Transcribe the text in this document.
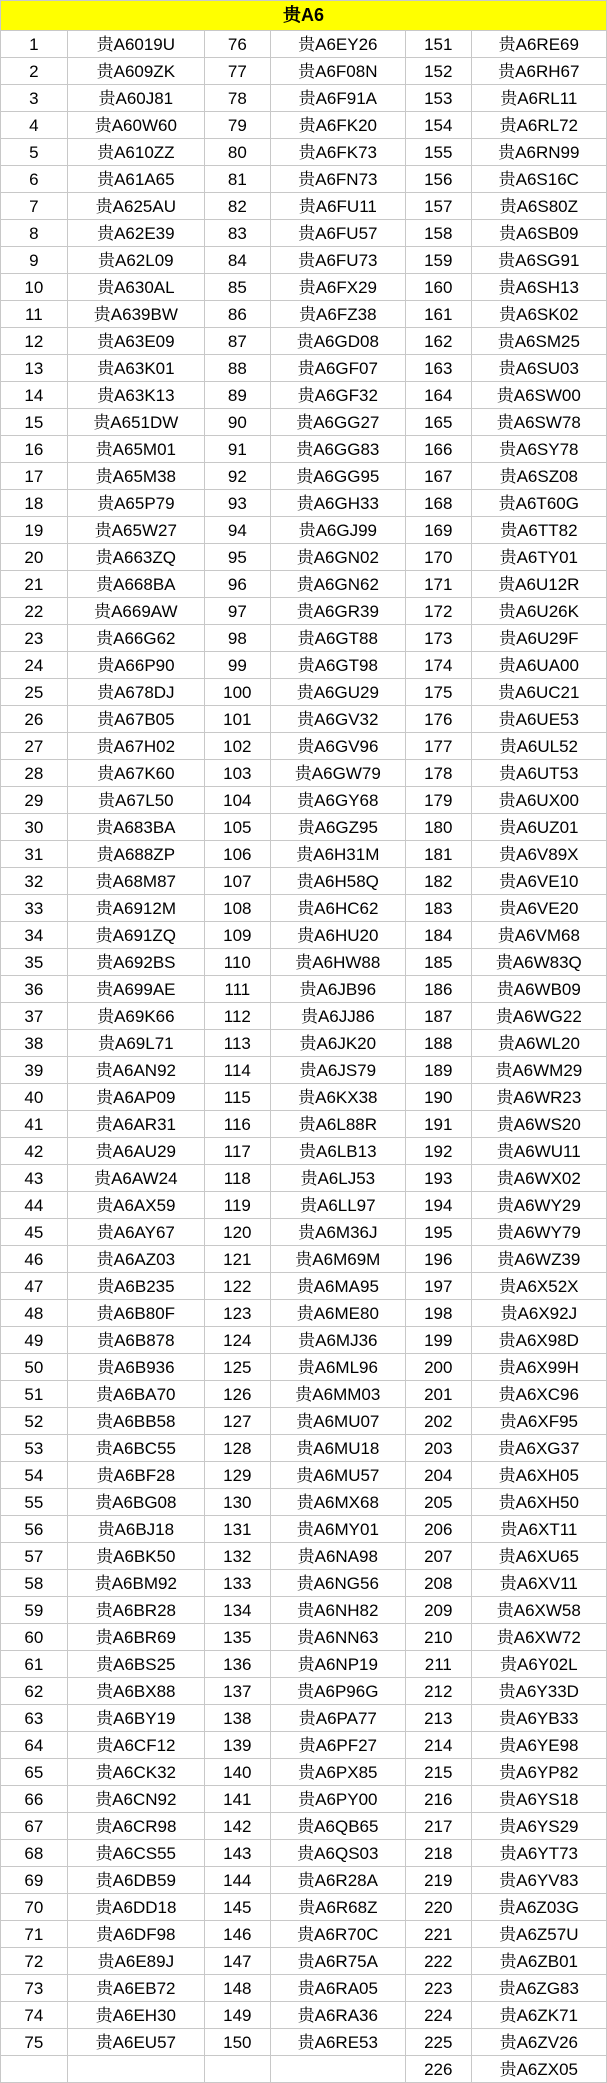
贵A6					
1	贵A6019U	76	贵A6EY26	151	贵A6RE69
2	贵A609ZK	77	贵A6F08N	152	贵A6RH67
3	贵A60J81	78	贵A6F91A	153	贵A6RL11
4	贵A60W60	79	贵A6FK20	154	贵A6RL72
5	贵A610ZZ	80	贵A6FK73	155	贵A6RN99
6	贵A61A65	81	贵A6FN73	156	贵A6S16C
7	贵A625AU	82	贵A6FU11	157	贵A6S80Z
8	贵A62E39	83	贵A6FU57	158	贵A6SB09
9	贵A62L09	84	贵A6FU73	159	贵A6SG91
10	贵A630AL	85	贵A6FX29	160	贵A6SH13
11	贵A639BW	86	贵A6FZ38	161	贵A6SK02
12	贵A63E09	87	贵A6GD08	162	贵A6SM25
13	贵A63K01	88	贵A6GF07	163	贵A6SU03
14	贵A63K13	89	贵A6GF32	164	贵A6SW00
15	贵A651DW	90	贵A6GG27	165	贵A6SW78
16	贵A65M01	91	贵A6GG83	166	贵A6SY78
17	贵A65M38	92	贵A6GG95	167	贵A6SZ08
18	贵A65P79	93	贵A6GH33	168	贵A6T60G
19	贵A65W27	94	贵A6GJ99	169	贵A6TT82
20	贵A663ZQ	95	贵A6GN02	170	贵A6TY01
21	贵A668BA	96	贵A6GN62	171	贵A6U12R
22	贵A669AW	97	贵A6GR39	172	贵A6U26K
23	贵A66G62	98	贵A6GT88	173	贵A6U29F
24	贵A66P90	99	贵A6GT98	174	贵A6UA00
25	贵A678DJ	100	贵A6GU29	175	贵A6UC21
26	贵A67B05	101	贵A6GV32	176	贵A6UE53
27	贵A67H02	102	贵A6GV96	177	贵A6UL52
28	贵A67K60	103	贵A6GW79	178	贵A6UT53
29	贵A67L50	104	贵A6GY68	179	贵A6UX00
30	贵A683BA	105	贵A6GZ95	180	贵A6UZ01
31	贵A688ZP	106	贵A6H31M	181	贵A6V89X
32	贵A68M87	107	贵A6H58Q	182	贵A6VE10
33	贵A6912M	108	贵A6HC62	183	贵A6VE20
34	贵A691ZQ	109	贵A6HU20	184	贵A6VM68
35	贵A692BS	110	贵A6HW88	185	贵A6W83Q
36	贵A699AE	111	贵A6JB96	186	贵A6WB09
37	贵A69K66	112	贵A6JJ86	187	贵A6WG22
38	贵A69L71	113	贵A6JK20	188	贵A6WL20
39	贵A6AN92	114	贵A6JS79	189	贵A6WM29
40	贵A6AP09	115	贵A6KX38	190	贵A6WR23
41	贵A6AR31	116	贵A6L88R	191	贵A6WS20
42	贵A6AU29	117	贵A6LB13	192	贵A6WU11
43	贵A6AW24	118	贵A6LJ53	193	贵A6WX02
44	贵A6AX59	119	贵A6LL97	194	贵A6WY29
45	贵A6AY67	120	贵A6M36J	195	贵A6WY79
46	贵A6AZ03	121	贵A6M69M	196	贵A6WZ39
47	贵A6B235	122	贵A6MA95	197	贵A6X52X
48	贵A6B80F	123	贵A6ME80	198	贵A6X92J
49	贵A6B878	124	贵A6MJ36	199	贵A6X98D
50	贵A6B936	125	贵A6ML96	200	贵A6X99H
51	贵A6BA70	126	贵A6MM03	201	贵A6XC96
52	贵A6BB58	127	贵A6MU07	202	贵A6XF95
53	贵A6BC55	128	贵A6MU18	203	贵A6XG37
54	贵A6BF28	129	贵A6MU57	204	贵A6XH05
55	贵A6BG08	130	贵A6MX68	205	贵A6XH50
56	贵A6BJ18	131	贵A6MY01	206	贵A6XT11
57	贵A6BK50	132	贵A6NA98	207	贵A6XU65
58	贵A6BM92	133	贵A6NG56	208	贵A6XV11
59	贵A6BR28	134	贵A6NH82	209	贵A6XW58
60	贵A6BR69	135	贵A6NN63	210	贵A6XW72
61	贵A6BS25	136	贵A6NP19	211	贵A6Y02L
62	贵A6BX88	137	贵A6P96G	212	贵A6Y33D
63	贵A6BY19	138	贵A6PA77	213	贵A6YB33
64	贵A6CF12	139	贵A6PF27	214	贵A6YE98
65	贵A6CK32	140	贵A6PX85	215	贵A6YP82
66	贵A6CN92	141	贵A6PY00	216	贵A6YS18
67	贵A6CR98	142	贵A6QB65	217	贵A6YS29
68	贵A6CS55	143	贵A6QS03	218	贵A6YT73
69	贵A6DB59	144	贵A6R28A	219	贵A6YV83
70	贵A6DD18	145	贵A6R68Z	220	贵A6Z03G
71	贵A6DF98	146	贵A6R70C	221	贵A6Z57U
72	贵A6E89J	147	贵A6R75A	222	贵A6ZB01
73	贵A6EB72	148	贵A6RA05	223	贵A6ZG83
74	贵A6EH30	149	贵A6RA36	224	贵A6ZK71
75	贵A6EU57	150	贵A6RE53	225	贵A6ZV26
				226	贵A6ZX05
